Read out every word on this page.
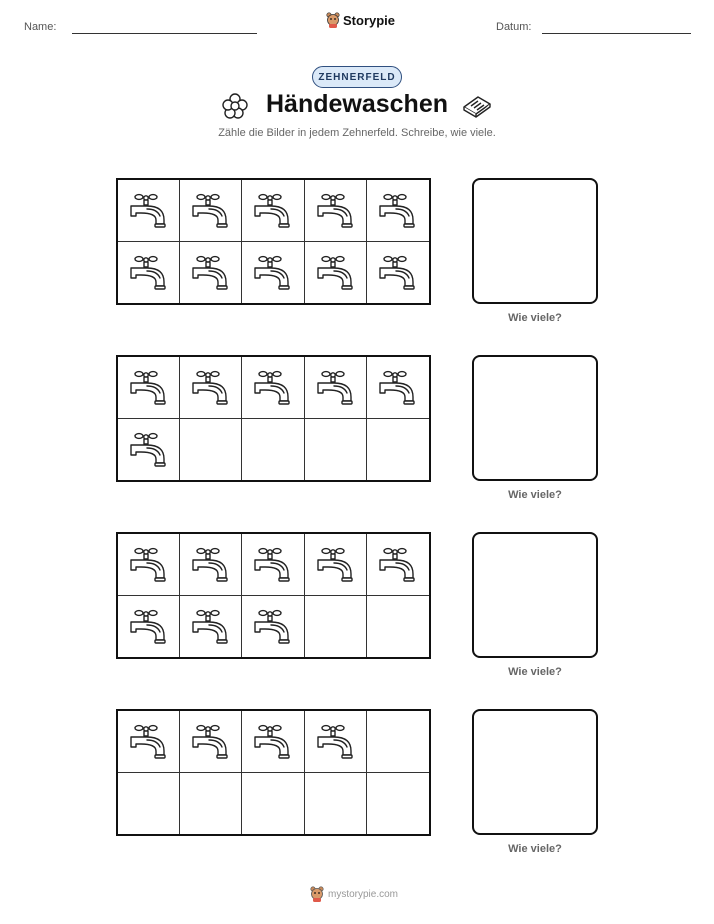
Name:	Storypie	Datum:
ZEHNERFELD
Händewaschen
Zähle die Bilder in jedem Zehnerfeld. Schreibe, wie viele.
Wie viele?
Wie viele?
Wie viele?
Wie viele?
mystorypie.com
